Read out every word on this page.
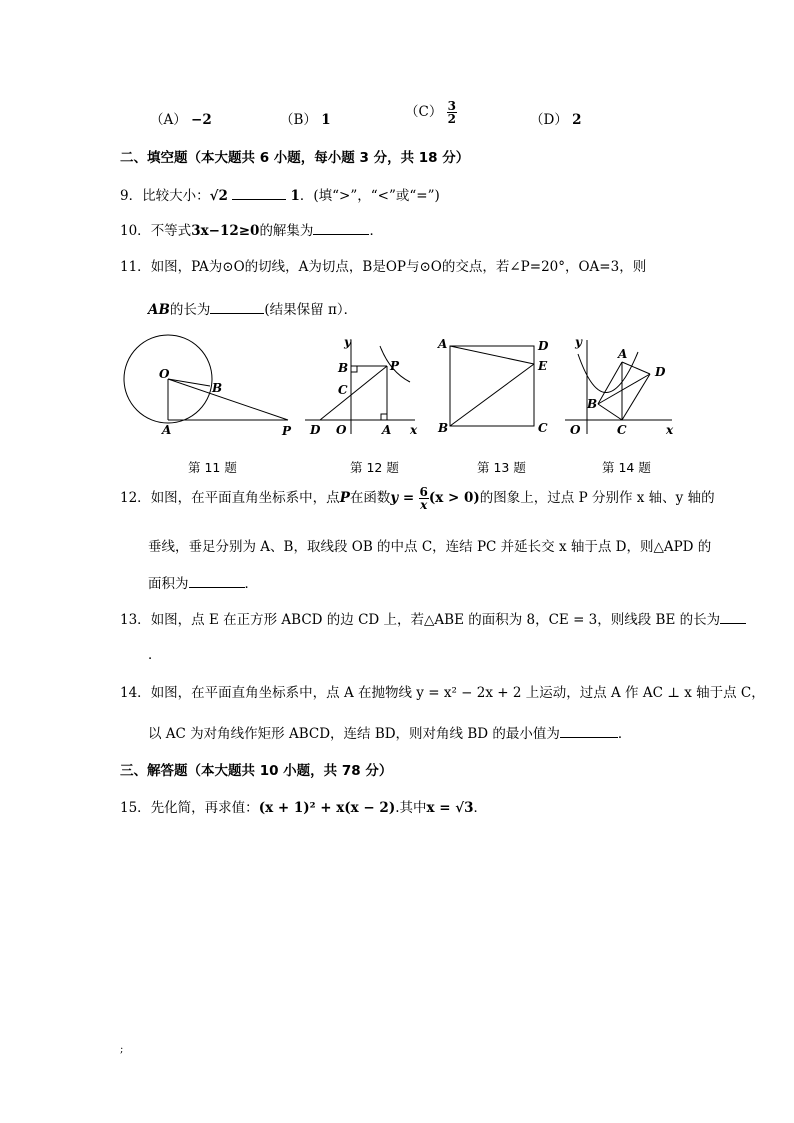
（A） −2	（B） 1	$(C) \frac{3}{2}$	（D） 2
二、填空题（本大题共 6 小题，每小题 3 分，共 18 分）
9．比较大小：√2	1．(填“>”，“<”或“=”)
10．不等式3x−12≥0的解集为	．
11．如图，PA为⊙O的切线，A为切点，B是OP与⊙O的交点，若∠P=20°，OA=3，则
AB的长为	(结果保留 π）．
O
A
B
P
y
x
B	P
C
D O	A
A	D
E
B	C
y
A
D
B
O	C	x
第 11 题	第 12 题	第 13 题	第 14 题
12．如图，在平面直角坐标系中，点P在函数$y = \frac{6}{x} (x > 0)$的图象上，过点 P 分别作 x 轴、y 轴的
垂线，垂足分别为 A、B，取线段 OB 的中点 C，连结 PC 并延长交 x 轴于点 D，则△APD 的
面积为	．
13．如图，点 E 在正方形 ABCD 的边 CD 上，若△ABE 的面积为 8，CE = 3，则线段 BE 的长为
．
14．如图，在平面直角坐标系中，点 A 在抛物线 y = x² − 2x + 2 上运动，过点 A 作 AC ⊥ x 轴于点 C，
以 AC 为对角线作矩形 ABCD，连结 BD，则对角线 BD 的最小值为	．
三、解答题（本大题共 10 小题，共 78 分）
15．先化简，再求值：(x + 1)² + x(x − 2).其中x = √3．
;
